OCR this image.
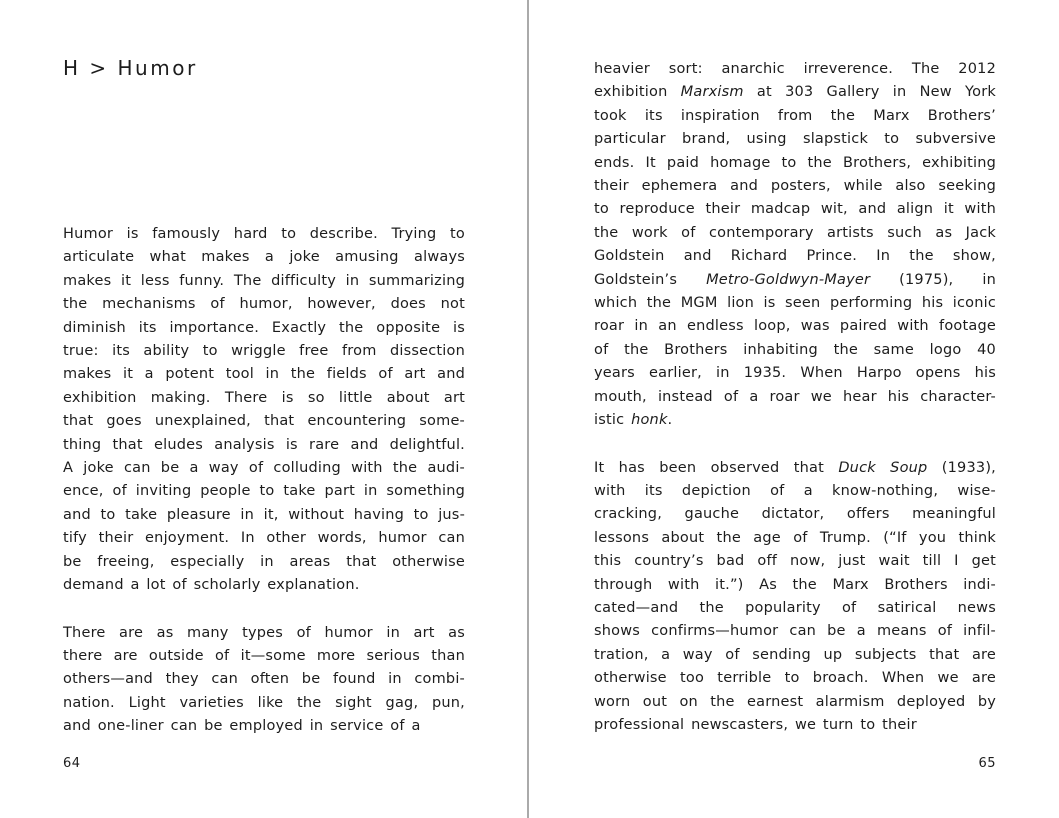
H > Humor
Humor is famously hard to describe. Trying to
articulate what makes a joke amusing always
makes it less funny. The difficulty in summarizing
the mechanisms of humor, however, does not
diminish its importance. Exactly the opposite is
true: its ability to wriggle free from dissection
makes it a potent tool in the fields of art and
exhibition making. There is so little about art
that goes unexplained, that encountering some-
thing that eludes analysis is rare and delightful.
A joke can be a way of colluding with the audi-
ence, of inviting people to take part in something
and to take pleasure in it, without having to jus-
tify their enjoyment. In other words, humor can
be freeing, especially in areas that otherwise
demand a lot of scholarly explanation.
There are as many types of humor in art as
there are outside of it—some more serious than
others—and they can often be found in combi-
nation. Light varieties like the sight gag, pun,
and one-liner can be employed in service of a
64
heavier sort: anarchic irreverence. The 2012
exhibition Marxism at 303 Gallery in New York
took its inspiration from the Marx Brothers’
particular brand, using slapstick to subversive
ends. It paid homage to the Brothers, exhibiting
their ephemera and posters, while also seeking
to reproduce their madcap wit, and align it with
the work of contemporary artists such as Jack
Goldstein and Richard Prince. In the show,
Goldstein’s Metro-Goldwyn-Mayer (1975), in
which the MGM lion is seen performing his iconic
roar in an endless loop, was paired with footage
of the Brothers inhabiting the same logo 40
years earlier, in 1935. When Harpo opens his
mouth, instead of a roar we hear his character-
istic honk.
It has been observed that Duck Soup (1933),
with its depiction of a know-nothing, wise-
cracking, gauche dictator, offers meaningful
lessons about the age of Trump. (“If you think
this country’s bad off now, just wait till I get
through with it.”) As the Marx Brothers indi-
cated—and the popularity of satirical news
shows confirms—humor can be a means of infil-
tration, a way of sending up subjects that are
otherwise too terrible to broach. When we are
worn out on the earnest alarmism deployed by
professional newscasters, we turn to their
65
